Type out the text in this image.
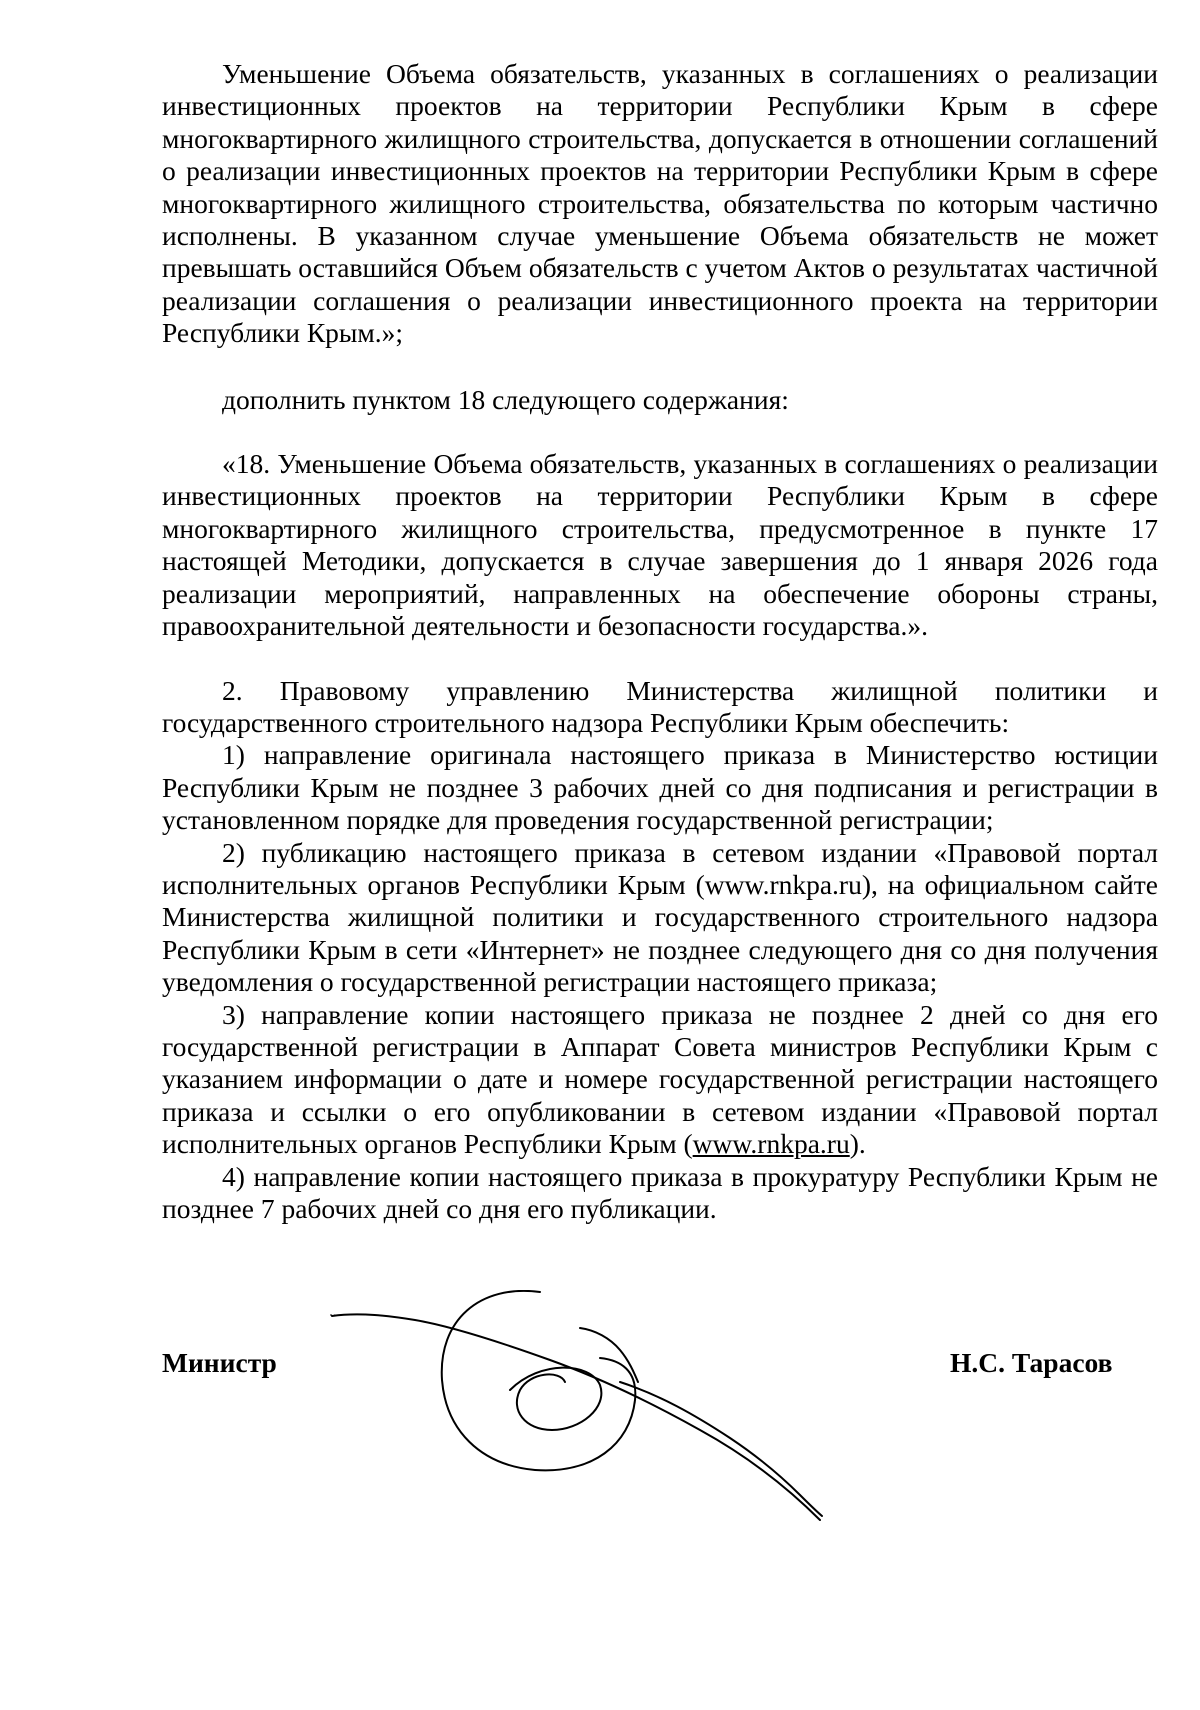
Уменьшение Объема обязательств, указанных в соглашениях о реализации инвестиционных проектов на территории Республики Крым в сфере многоквартирного жилищного строительства, допускается в отношении соглашений о реализации инвестиционных проектов на территории Республики Крым в сфере многоквартирного жилищного строительства, обязательства по которым частично исполнены. В указанном случае уменьшение Объема обязательств не может превышать оставшийся Объем обязательств с учетом Актов о результатах частичной реализации соглашения о реализации инвестиционного проекта на территории Республики Крым.»;

дополнить пунктом 18 следующего содержания:

«18. Уменьшение Объема обязательств, указанных в соглашениях о реализации инвестиционных проектов на территории Республики Крым в сфере многоквартирного жилищного строительства, предусмотренное в пункте 17 настоящей Методики, допускается в случае завершения до 1 января 2026 года реализации мероприятий, направленных на обеспечение обороны страны, правоохранительной деятельности и безопасности государства.».

2. Правовому управлению Министерства жилищной политики и государственного строительного надзора Республики Крым обеспечить:

1) направление оригинала настоящего приказа в Министерство юстиции Республики Крым не позднее 3 рабочих дней со дня подписания и регистрации в установленном порядке для проведения государственной регистрации;

2) публикацию настоящего приказа в сетевом издании «Правовой портал исполнительных органов Республики Крым (www.rnkpa.ru), на официальном сайте Министерства жилищной политики и государственного строительного надзора Республики Крым в сети «Интернет» не позднее следующего дня со дня получения уведомления о государственной регистрации настоящего приказа;

3) направление копии настоящего приказа не позднее 2 дней со дня его государственной регистрации в Аппарат Совета министров Республики Крым с указанием информации о дате и номере государственной регистрации настоящего приказа и ссылки о его опубликовании в сетевом издании «Правовой портал исполнительных органов Республики Крым (www.rnkpa.ru).

4) направление копии настоящего приказа в прокуратуру Республики Крым не позднее 7 рабочих дней со дня его публикации.

Министр	Н.С. Тарасов
